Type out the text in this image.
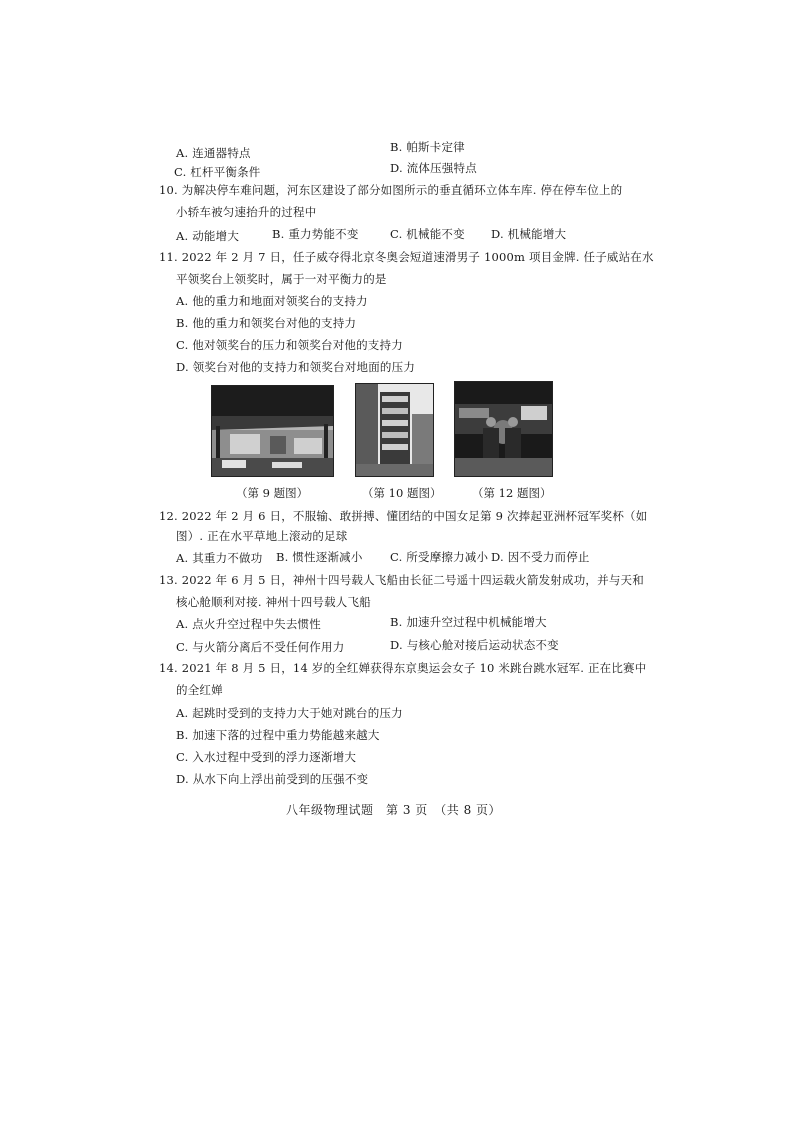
A. 连通器特点	B. 帕斯卡定律
C. 杠杆平衡条件	D. 流体压强特点
10. 为解决停车难问题，河东区建设了部分如图所示的垂直循环立体车库. 停在停车位上的
小轿车被匀速抬升的过程中
A. 动能增大	B. 重力势能不变	C. 机械能不变 D. 机械能增大
11. 2022 年 2 月 7 日，任子威夺得北京冬奥会短道速滑男子 1000m 项目金牌. 任子威站在水
平领奖台上领奖时，属于一对平衡力的是
A. 他的重力和地面对领奖台的支持力
B. 他的重力和领奖台对他的支持力
C. 他对领奖台的压力和领奖台对他的支持力
D. 领奖台对他的支持力和领奖台对地面的压力
（第 9 题图）	（第 10 题图）	（第 12 题图）
12. 2022 年 2 月 6 日，不服输、敢拼搏、懂团结的中国女足第 9 次捧起亚洲杯冠军奖杯（如
图）. 正在水平草地上滚动的足球
A. 其重力不做功 B. 惯性逐渐减小 C. 所受摩擦力减小 D. 因不受力而停止
13. 2022 年 6 月 5 日，神州十四号载人飞船由长征二号遥十四运载火箭发射成功，并与天和
核心舱顺利对接. 神州十四号载人飞船
A. 点火升空过程中失去惯性	B. 加速升空过程中机械能增大
C. 与火箭分离后不受任何作用力	D. 与核心舱对接后运动状态不变
14. 2021 年 8 月 5 日，14 岁的全红婵获得东京奥运会女子 10 米跳台跳水冠军. 正在比赛中
的全红婵
A. 起跳时受到的支持力大于她对跳台的压力
B. 加速下落的过程中重力势能越来越大
C. 入水过程中受到的浮力逐渐增大
D. 从水下向上浮出前受到的压强不变
八年级物理试题　第 3 页　（共 8 页）
